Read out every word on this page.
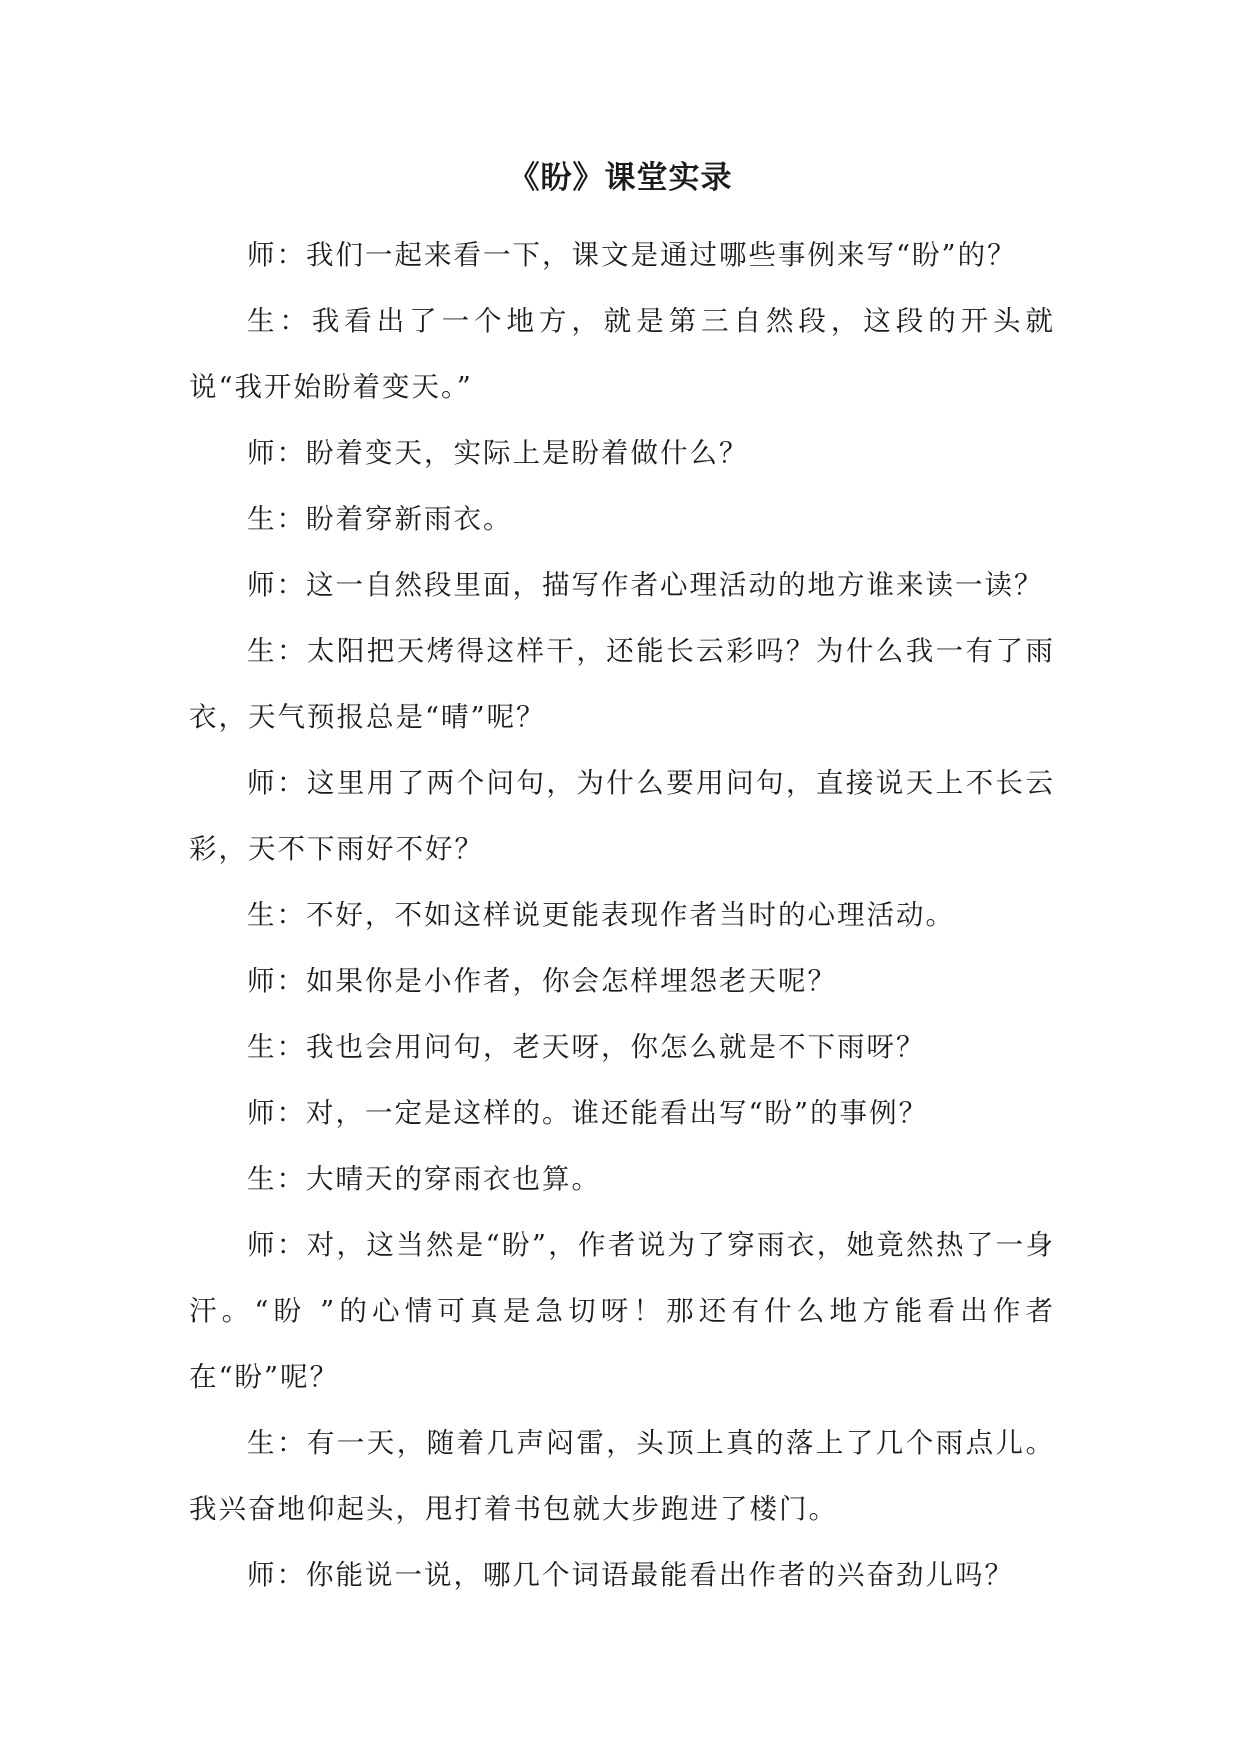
《盼》课堂实录

师：我们一起来看一下，课文是通过哪些事例来写“盼”的？

生：我看出了一个地方，就是第三自然段，这段的开头就说“我开始盼着变天。”

师：盼着变天，实际上是盼着做什么？

生：盼着穿新雨衣。

师：这一自然段里面，描写作者心理活动的地方谁来读一读？

生：太阳把天烤得这样干，还能长云彩吗？为什么我一有了雨衣，天气预报总是“晴”呢？

师：这里用了两个问句，为什么要用问句，直接说天上不长云彩，天不下雨好不好？

生：不好，不如这样说更能表现作者当时的心理活动。

师：如果你是小作者，你会怎样埋怨老天呢？

生：我也会用问句，老天呀，你怎么就是不下雨呀？

师：对，一定是这样的。谁还能看出写“盼”的事例？

生：大晴天的穿雨衣也算。

师：对，这当然是“盼”，作者说为了穿雨衣，她竟然热了一身汗。“盼 ”的心情可真是急切呀！那还有什么地方能看出作者在“盼”呢？

生：有一天，随着几声闷雷，头顶上真的落上了几个雨点儿。我兴奋地仰起头，甩打着书包就大步跑进了楼门。

师：你能说一说，哪几个词语最能看出作者的兴奋劲儿吗？
